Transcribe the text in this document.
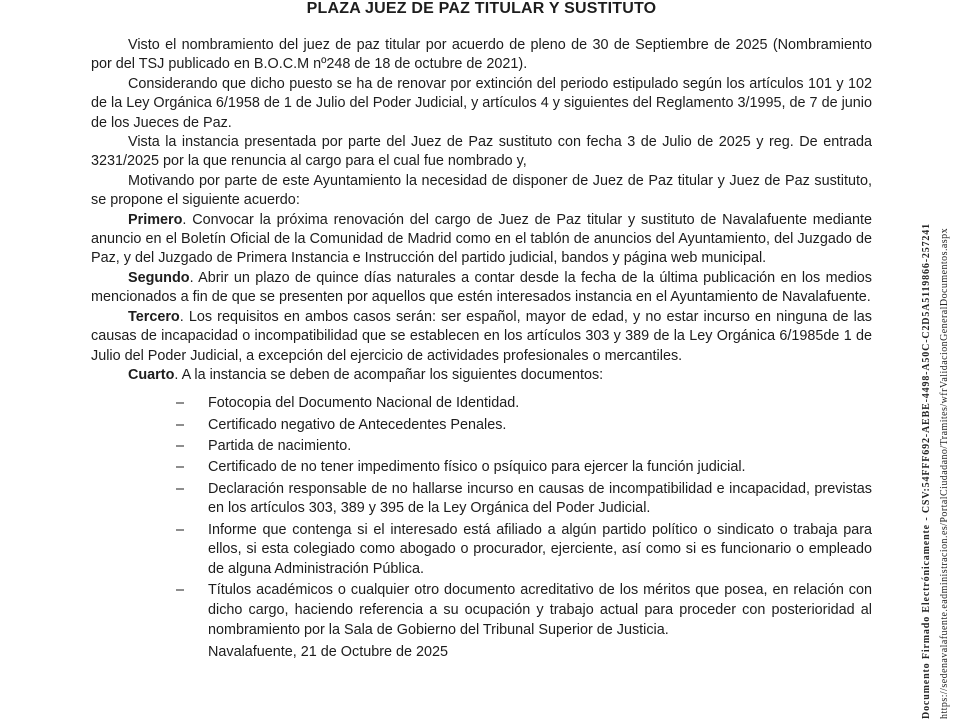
PLAZA JUEZ DE PAZ TITULAR Y SUSTITUTO

Visto el nombramiento del juez de paz titular por acuerdo de pleno de 30 de Septiembre de 2025 (Nombramiento por del TSJ publicado en B.O.C.M nº248 de 18 de octubre de 2021).

Considerando que dicho puesto se ha de renovar por extinción del periodo estipulado según los artículos 101 y 102 de la Ley Orgánica 6/1958 de 1 de Julio del Poder Judicial, y artículos 4 y siguientes del Reglamento 3/1995, de 7 de junio de los Jueces de Paz.

Vista la instancia presentada por parte del Juez de Paz sustituto con fecha 3 de Julio de 2025 y reg. De entrada 3231/2025 por la que renuncia al cargo para el cual fue nombrado y,

Motivando por parte de este Ayuntamiento la necesidad de disponer de Juez de Paz titular y Juez de Paz sustituto, se propone el siguiente acuerdo:

Primero. Convocar la próxima renovación del cargo de Juez de Paz titular y sustituto de Navalafuente mediante anuncio en el Boletín Oficial de la Comunidad de Madrid como en el tablón de anuncios del Ayuntamiento, del Juzgado de Paz, y del Juzgado de Primera Instancia e Instrucción del partido judicial, bandos y página web municipal.

Segundo. Abrir un plazo de quince días naturales a contar desde la fecha de la última publicación en los medios mencionados a fin de que se presenten por aquellos que estén interesados instancia en el Ayuntamiento de Navalafuente.

Tercero. Los requisitos en ambos casos serán: ser español, mayor de edad, y no estar incurso en ninguna de las causas de incapacidad o incompatibilidad que se establecen en los artículos 303 y 389 de la Ley Orgánica 6/1985de 1 de Julio del Poder Judicial, a excepción del ejercicio de actividades profesionales o mercantiles.

Cuarto. A la instancia se deben de acompañar los siguientes documentos:

– Fotocopia del Documento Nacional de Identidad.
– Certificado negativo de Antecedentes Penales.
– Partida de nacimiento.
– Certificado de no tener impedimento físico o psíquico para ejercer la función judicial.
– Declaración responsable de no hallarse incurso en causas de incompatibilidad e incapacidad, previstas en los artículos 303, 389 y 395 de la Ley Orgánica del Poder Judicial.
– Informe que contenga si el interesado está afiliado a algún partido político o sindicato o trabaja para ellos, si esta colegiado como abogado o procurador, ejerciente, así como si es funcionario o empleado de alguna Administración Pública.
– Títulos académicos o cualquier otro documento acreditativo de los méritos que posea, en relación con dicho cargo, haciendo referencia a su ocupación y trabajo actual para proceder con posterioridad al nombramiento por la Sala de Gobierno del Tribunal Superior de Justicia.

Navalafuente, 21 de Octubre de 2025	Documento Firmado Electrónicamente - CSV:54FFF692-AEBE-4498-A50C-C2D5A5119866-257241 https://sedenavalafuente.eadministracion.es/PortalCiudadano/Tramites/wfrValidacionGeneralDocumentos.aspx
